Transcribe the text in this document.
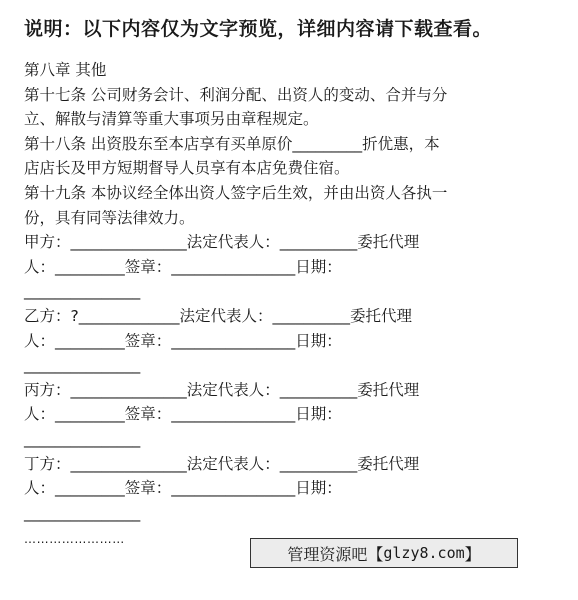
说明：以下内容仅为文字预览，详细内容请下载查看。
第八章 其他
第十七条 公司财务会计、利润分配、出资人的变动、合并与分
立、解散与清算等重大事项另由章程规定。
第十八条 出资股东至本店享有买单原价_________折优惠，本
店店长及甲方短期督导人员享有本店免费住宿。
第十九条 本协议经全体出资人签字后生效，并由出资人各执一
份，具有同等法律效力。
甲方：_______________法定代表人：__________委托代理
人：_________签章：________________日期：
_______________
乙方：?_____________法定代表人：__________委托代理
人：_________签章：________________日期：
_______________
丙方：_______________法定代表人：__________委托代理
人：_________签章：________________日期：
_______________
丁方：_______________法定代表人：__________委托代理
人：_________签章：________________日期：
_______________
……………………
管理资源吧【 glzy8.com 】
